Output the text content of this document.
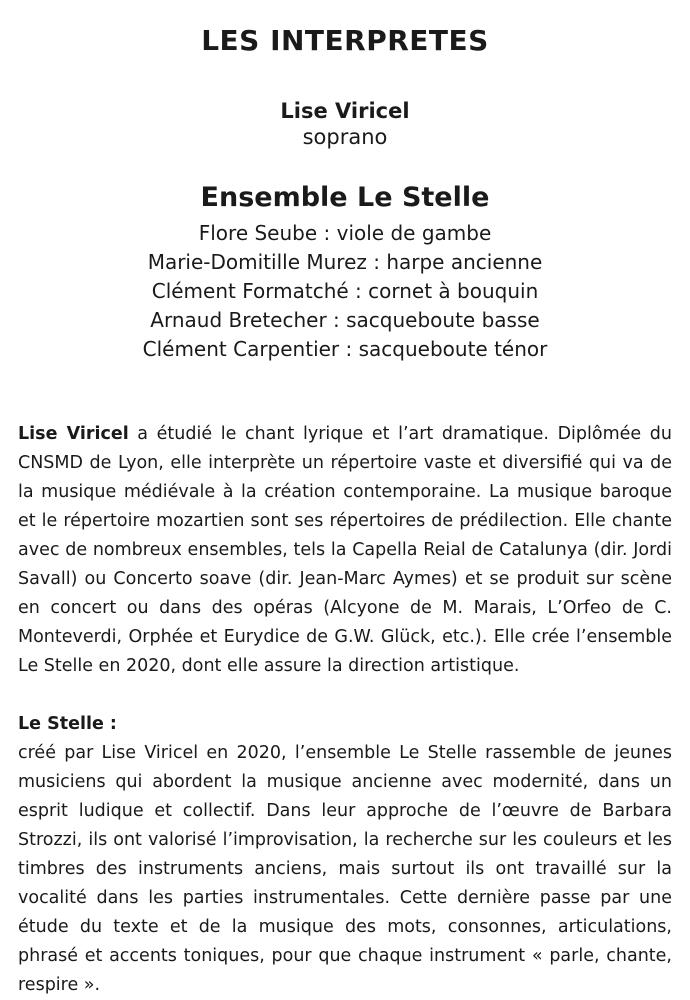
LES INTERPRETES
Lise Viricel
soprano
Ensemble Le Stelle
Flore Seube : viole de gambe
Marie-Domitille Murez : harpe ancienne
Clément Formatché : cornet à bouquin
Arnaud Bretecher : sacqueboute basse
Clément Carpentier : sacqueboute ténor

Lise Viricel a étudié le chant lyrique et l’art dramatique. Diplômée du CNSMD de Lyon, elle interprète un répertoire vaste et diversifié qui va de la musique médiévale à la création contemporaine. La musique baroque et le répertoire mozartien sont ses répertoires de prédilection. Elle chante avec de nombreux ensembles, tels la Capella Reial de Catalunya (dir. Jordi Savall) ou Concerto soave (dir. Jean-Marc Aymes) et se produit sur scène en concert ou dans des opéras (Alcyone de M. Marais, L’Orfeo de C. Monteverdi, Orphée et Eurydice de G.W. Glück, etc.). Elle crée l’ensemble Le Stelle en 2020, dont elle assure la direction artistique.

Le Stelle :

créé par Lise Viricel en 2020, l’ensemble Le Stelle rassemble de jeunes musiciens qui abordent la musique ancienne avec modernité, dans un esprit ludique et collectif. Dans leur approche de l’œuvre de Barbara Strozzi, ils ont valorisé l’improvisation, la recherche sur les couleurs et les timbres des instruments anciens, mais surtout ils ont travaillé sur la vocalité dans les parties instrumentales. Cette dernière passe par une étude du texte et de la musique des mots, consonnes, articulations, phrasé et accents toniques, pour que chaque instrument « parle, chante, respire ».
